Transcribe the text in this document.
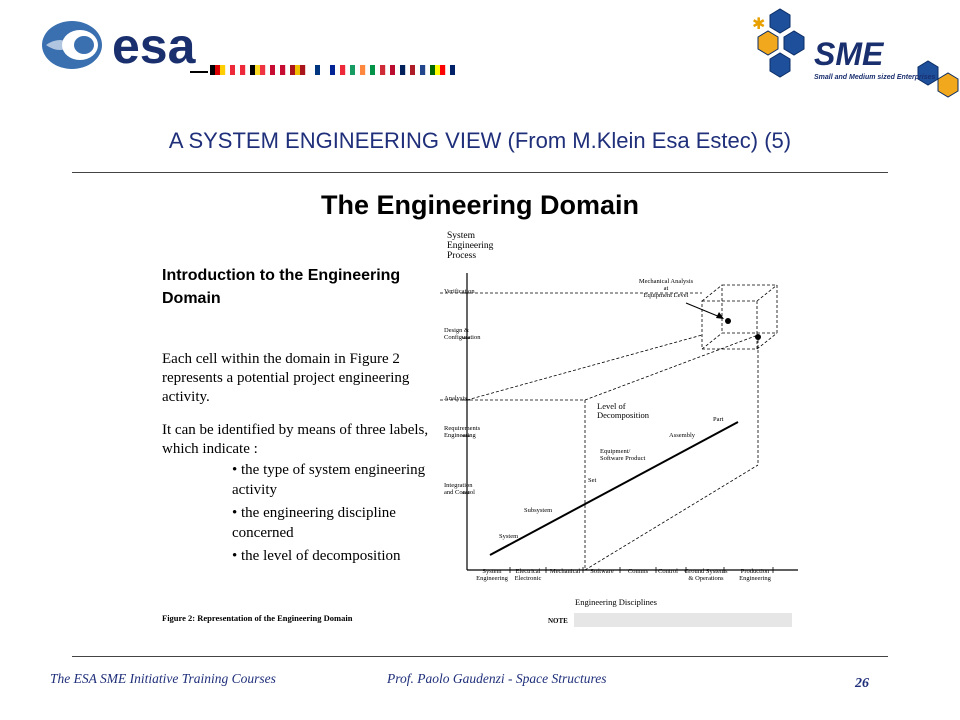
esa	✱
SME
Small and Medium sized Enterprises
A SYSTEM ENGINEERING VIEW (From M.Klein Esa Estec) (5)
The Engineering Domain
Introduction to the Engineering Domain
Each cell within the domain in Figure 2 represents a potential project engineering activity.
It can be identified by means of three labels, which indicate :
• the type of system engineering activity
• the engineering discipline concerned
• the level of decomposition
Figure 2: Representation of the Engineering Domain
System Engineering Process
Verification
Design & Configuration
Analysis
Requirements Engineering
Integration and Control
System Engineering
Electrical Electronic
Mechanical Software Comms Control Ground Systems & Operations
Production Engineering
Engineering Disciplines
Level of Decomposition
System
Subsystem
Set
Equipment/ Software Product
Assembly
Part
Mechanical Analysis at Equipment Level
NOTE
The ESA SME Initiative Training Courses	Prof. Paolo Gaudenzi - Space Structures	26
